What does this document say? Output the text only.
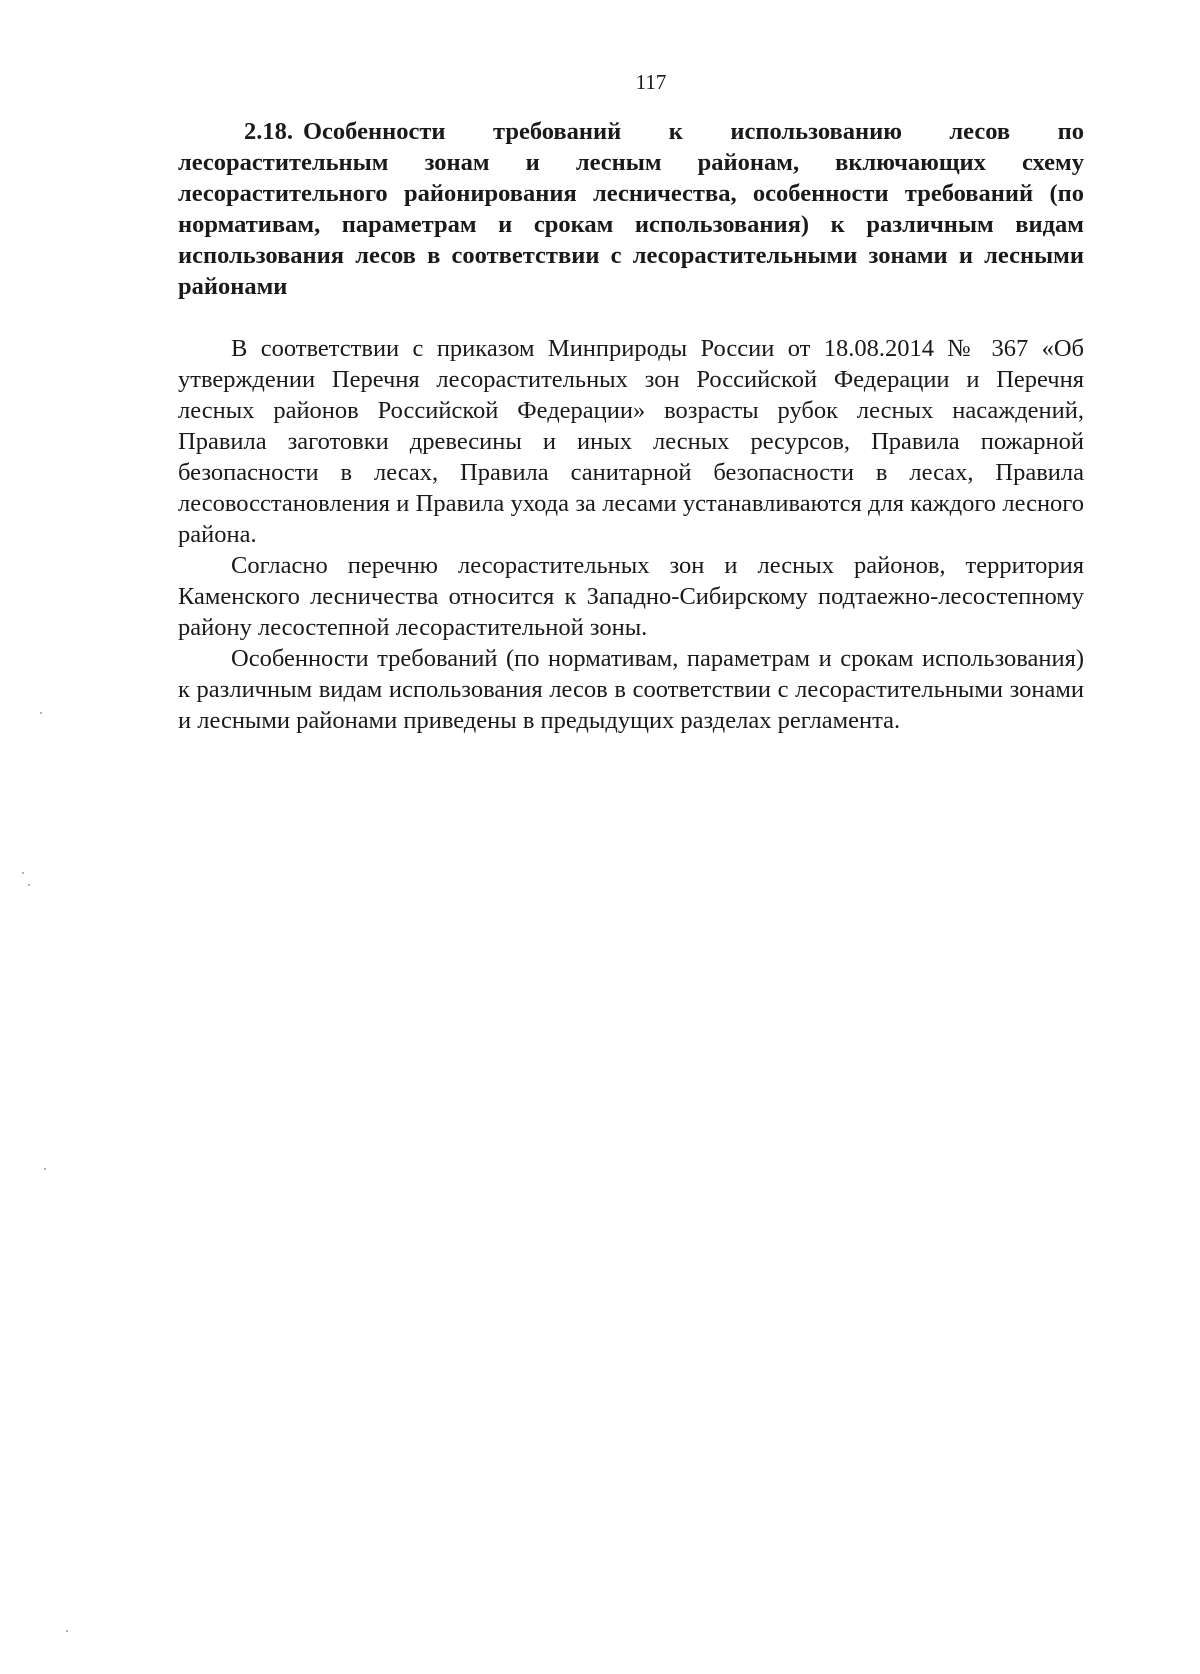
117

2.18. Особенности требований к использованию лесов по лесорастительным зонам и лесным районам, включающих схему лесорастительного районирования лесничества, особенности требований (по нормативам, параметрам и срокам использования) к различным видам использования лесов в соответствии с лесорастительными зонами и лесными районами

В соответствии с приказом Минприроды России от 18.08.2014 № 367 «Об утверждении Перечня лесорастительных зон Российской Федерации и Перечня лесных районов Российской Федерации» возрасты рубок лесных насаждений, Правила заготовки древесины и иных лесных ресурсов, Правила пожарной безопасности в лесах, Правила санитарной безопасности в лесах, Правила лесовосстановления и Правила ухода за лесами устанавливаются для каждого лесного района.

Согласно перечню лесорастительных зон и лесных районов, территория Каменского лесничества относится к Западно-Сибирскому подтаежно-лесостепному району лесостепной лесорастительной зоны.

Особенности требований (по нормативам, параметрам и срокам использования) к различным видам использования лесов в соответствии с лесорастительными зонами и лесными районами приведены в предыдущих разделах регламента.
